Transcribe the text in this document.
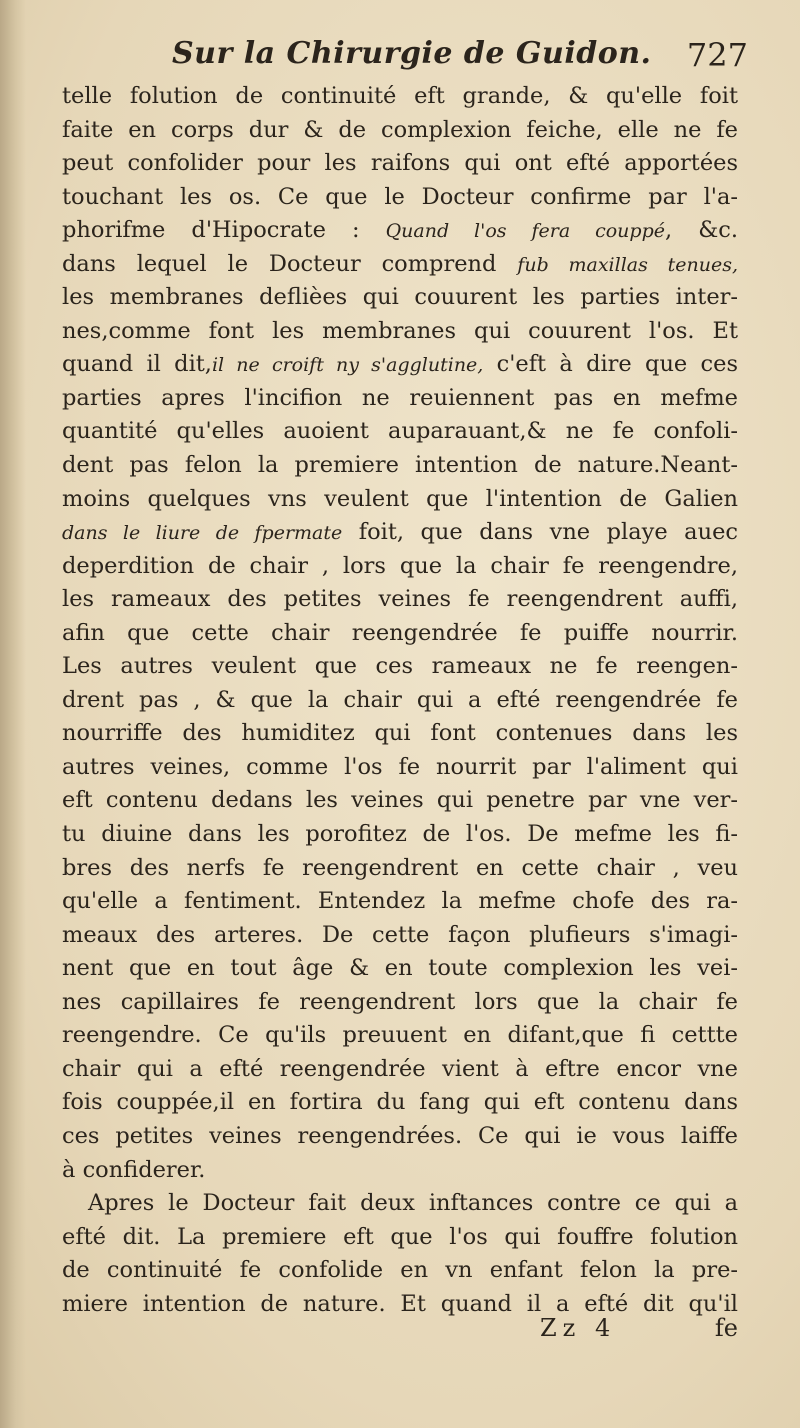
Sur la Chirurgie de Guidon. 727
telle folution de continuité eft grande, & qu'elle foit
faite en corps dur & de complexion feiche, elle ne fe
peut confolider pour les raifons qui ont efté apportées
touchant les os. Ce que le Docteur confirme par l'a-
phorifme d'Hipocrate : Quand l'os fera couppé, &c.
dans lequel le Docteur comprend fub maxillas tenues,
les membranes deflièes qui couurent les parties inter-
nes,comme font les membranes qui couurent l'os. Et
quand il dit,il ne croift ny s'agglutine, c'eft à dire que ces
parties apres l'incifion ne reuiennent pas en mefme
quantité qu'elles auoient auparauant,& ne fe confoli-
dent pas felon la premiere intention de nature.Neant-
moins quelques vns veulent que l'intention de Galien
dans le liure de fpermate foit, que dans vne playe auec
deperdition de chair , lors que la chair fe reengendre,
les rameaux des petites veines fe reengendrent auffi,
afin que cette chair reengendrée fe puiffe nourrir.
Les autres veulent que ces rameaux ne fe reengen-
drent pas , & que la chair qui a efté reengendrée fe
nourriffe des humiditez qui font contenues dans les
autres veines, comme l'os fe nourrit par l'aliment qui
eft contenu dedans les veines qui penetre par vne ver-
tu diuine dans les porofitez de l'os. De mefme les fi-
bres des nerfs fe reengendrent en cette chair , veu
qu'elle a fentiment. Entendez la mefme chofe des ra-
meaux des arteres. De cette façon plufieurs s'imagi-
nent que en tout âge & en toute complexion les vei-
nes capillaires fe reengendrent lors que la chair fe
reengendre. Ce qu'ils preuuent en difant,que fi cettte
chair qui a efté reengendrée vient à eftre encor vne
fois couppée,il en fortira du fang qui eft contenu dans
ces petites veines reengendrées. Ce qui ie vous laiffe
à confiderer.
Apres le Docteur fait deux inftances contre ce qui a
efté dit. La premiere eft que l'os qui fouffre folution
de continuité fe confolide en vn enfant felon la pre-
miere intention de nature. Et quand il a efté dit qu'il
Zz 4	fe
